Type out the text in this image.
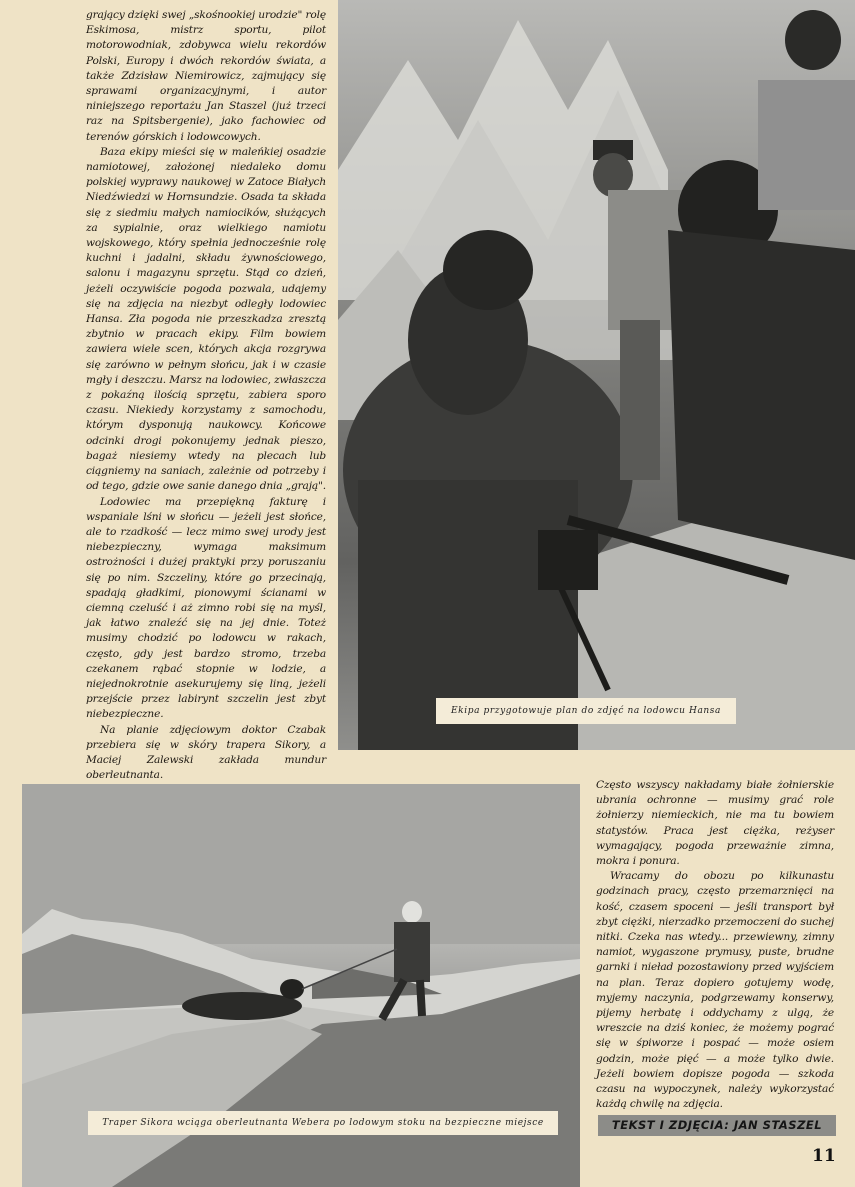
grający dzięki swej „skośnookiej urodzie" rolę Eskimosa, mistrz sportu, pilot motorowodniak, zdobywca wielu rekordów Polski, Europy i dwóch rekordów świata, a także Zdzisław Niemirowicz, zajmujący się sprawami organizacyjnymi, i autor niniejszego reportażu Jan Staszel (już trzeci raz na Spitsbergenie), jako fachowiec od terenów górskich i lodowcowych.

Baza ekipy mieści się w maleńkiej osadzie namiotowej, założonej niedaleko domu polskiej wyprawy naukowej w Zatoce Białych Niedźwiedzi w Hornsundzie. Osada ta składa się z siedmiu małych namiocików, służących za sypialnie, oraz wielkiego namiotu wojskowego, który spełnia jednocześnie rolę kuchni i jadalni, składu żywnościowego, salonu i magazynu sprzętu. Stąd co dzień, jeżeli oczywiście pogoda pozwala, udajemy się na zdjęcia na niezbyt odległy lodowiec Hansa. Zła pogoda nie przeszkadza zresztą zbytnio w pracach ekipy. Film bowiem zawiera wiele scen, których akcja rozgrywa się zarówno w pełnym słońcu, jak i w czasie mgły i deszczu. Marsz na lodowiec, zwłaszcza z pokaźną ilością sprzętu, zabiera sporo czasu. Niekiedy korzystamy z samochodu, którym dysponują naukowcy. Końcowe odcinki drogi pokonujemy jednak pieszo, bagaż niesiemy wtedy na plecach lub ciągniemy na saniach, zależnie od potrzeby i od tego, gdzie owe sanie danego dnia „grają".

Lodowiec ma przepiękną fakturę i wspaniale lśni w słońcu — jeżeli jest słońce, ale to rzadkość — lecz mimo swej urody jest niebezpieczny, wymaga maksimum ostrożności i dużej praktyki przy poruszaniu się po nim. Szczeliny, które go przecinają, spadają gładkimi, pionowymi ścianami w ciemną czeluść i aż zimno robi się na myśl, jak łatwo znaleźć się na jej dnie. Toteż musimy chodzić po lodowcu w rakach, często, gdy jest bardzo stromo, trzeba czekanem rąbać stopnie w lodzie, a niejednokrotnie asekurujemy się liną, jeżeli przejście przez labirynt szczelin jest zbyt niebezpieczne.

Na planie zdjęciowym doktor Czabak przebiera się w skóry trapera Sikory, a Maciej Zalewski zakłada mundur oberleutnanta.

Ekipa przygotowuje plan do zdjęć na lodowcu Hansa
Traper Sikora wciąga oberleutnanta Webera po lodowym stoku na bezpieczne miejsce

Często wszyscy nakładamy białe żołnierskie ubrania ochronne — musimy grać role żołnierzy niemieckich, nie ma tu bowiem statystów. Praca jest ciężka, reżyser wymagający, pogoda przeważnie zimna, mokra i ponura.

Wracamy do obozu po kilkunastu godzinach pracy, często przemarznięci na kość, czasem spoceni — jeśli transport był zbyt ciężki, nierzadko przemoczeni do suchej nitki. Czeka nas wtedy... przewiewny, zimny namiot, wygaszone prymusy, puste, brudne garnki i nieład pozostawiony przed wyjściem na plan. Teraz dopiero gotujemy wodę, myjemy naczynia, podgrzewamy konserwy, pijemy herbatę i oddychamy z ulgą, że wreszcie na dziś koniec, że możemy pograć się w śpiworze i pospać — może osiem godzin, może pięć — a może tylko dwie. Jeżeli bowiem dopisze pogoda — szkoda czasu na wypoczynek, należy wykorzystać każdą chwilę na zdjęcia.

TEKST I ZDJĘCIA: JAN STASZEL
11
